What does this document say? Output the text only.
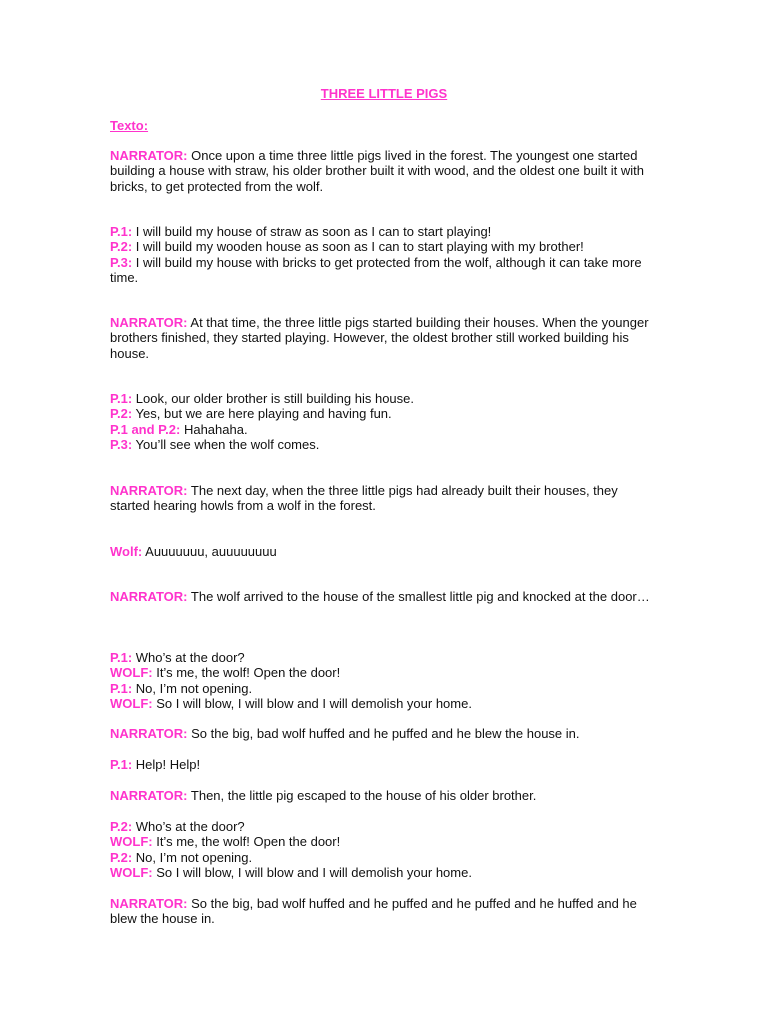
THREE LITTLE PIGS
Texto:

NARRATOR: Once upon a time three little pigs lived in the forest. The youngest one started building a house with straw, his older brother built it with wood, and the oldest one built it with bricks, to get protected from the wolf.

P.1: I will build my house of straw as soon as I can to start playing!

P.2: I will build my wooden house as soon as I can to start playing with my brother!

P.3: I will build my house with bricks to get protected from the wolf, although it can take more time.

NARRATOR: At that time, the three little pigs started building their houses. When the younger brothers finished, they started playing. However, the oldest brother still worked building his house.

P.1: Look, our older brother is still building his house.

P.2: Yes, but we are here playing and having fun.

P.1 and P.2: Hahahaha.

P.3: You’ll see when the wolf comes.

NARRATOR: The next day, when the three little pigs had already built their houses, they started hearing howls from a wolf in the forest.

Wolf: Auuuuuuu, auuuuuuuu

NARRATOR: The wolf arrived to the house of the smallest little pig and knocked at the door…

P.1: Who’s at the door?

WOLF: It’s me, the wolf! Open the door!

P.1: No, I’m not opening.

WOLF: So I will blow, I will blow and I will demolish your home.

NARRATOR: So the big, bad wolf huffed and he puffed and he blew the house in.

P.1: Help! Help!

NARRATOR: Then, the little pig escaped to the house of his older brother.

P.2: Who’s at the door?

WOLF: It’s me, the wolf! Open the door!

P.2: No, I’m not opening.

WOLF: So I will blow, I will blow and I will demolish your home.

NARRATOR: So the big, bad wolf huffed and he puffed and he puffed and he huffed and he blew the house in.
